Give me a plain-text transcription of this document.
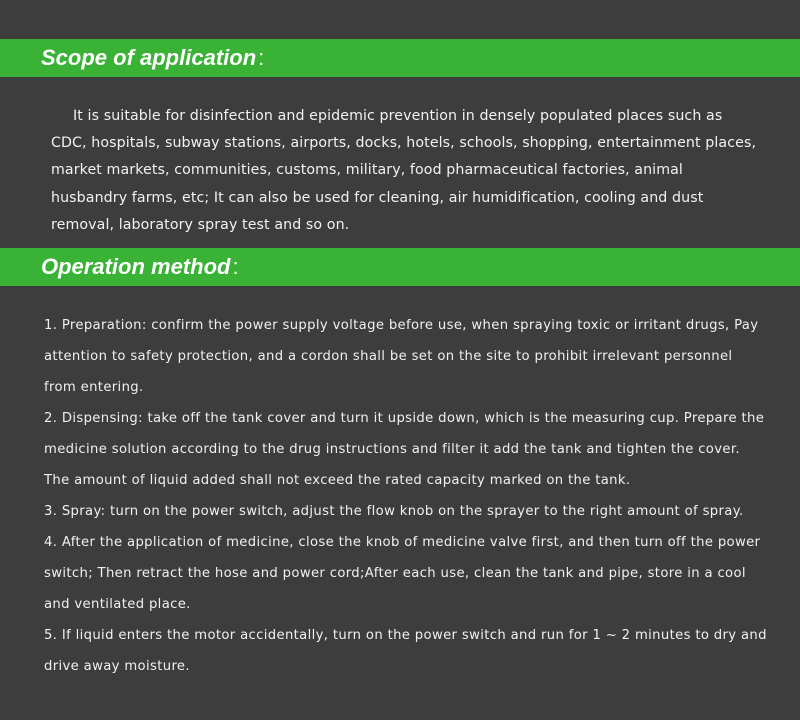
Scope of application:

It is suitable for disinfection and epidemic prevention in densely populated places such as CDC, hospitals, subway stations, airports, docks, hotels, schools, shopping, entertainment places, market markets, communities, customs, military, food pharmaceutical factories, animal husbandry farms, etc; It can also be used for cleaning, air humidification, cooling and dust removal, laboratory spray test and so on.

Operation method:

1. Preparation: confirm the power supply voltage before use, when spraying toxic or irritant drugs, Pay attention to safety protection, and a cordon shall be set on the site to prohibit irrelevant personnel from entering.

2. Dispensing: take off the tank cover and turn it upside down, which is the measuring cup. Prepare the medicine solution according to the drug instructions and filter it add the tank and tighten the cover. The amount of liquid added shall not exceed the rated capacity marked on the tank.

3. Spray: turn on the power switch, adjust the flow knob on the sprayer to the right amount of spray.

4. After the application of medicine, close the knob of medicine valve first, and then turn off the power switch; Then retract the hose and power cord;After each use, clean the tank and pipe, store in a cool and ventilated place.

5. If liquid enters the motor accidentally, turn on the power switch and run for 1 ~ 2 minutes to dry and drive away moisture.
